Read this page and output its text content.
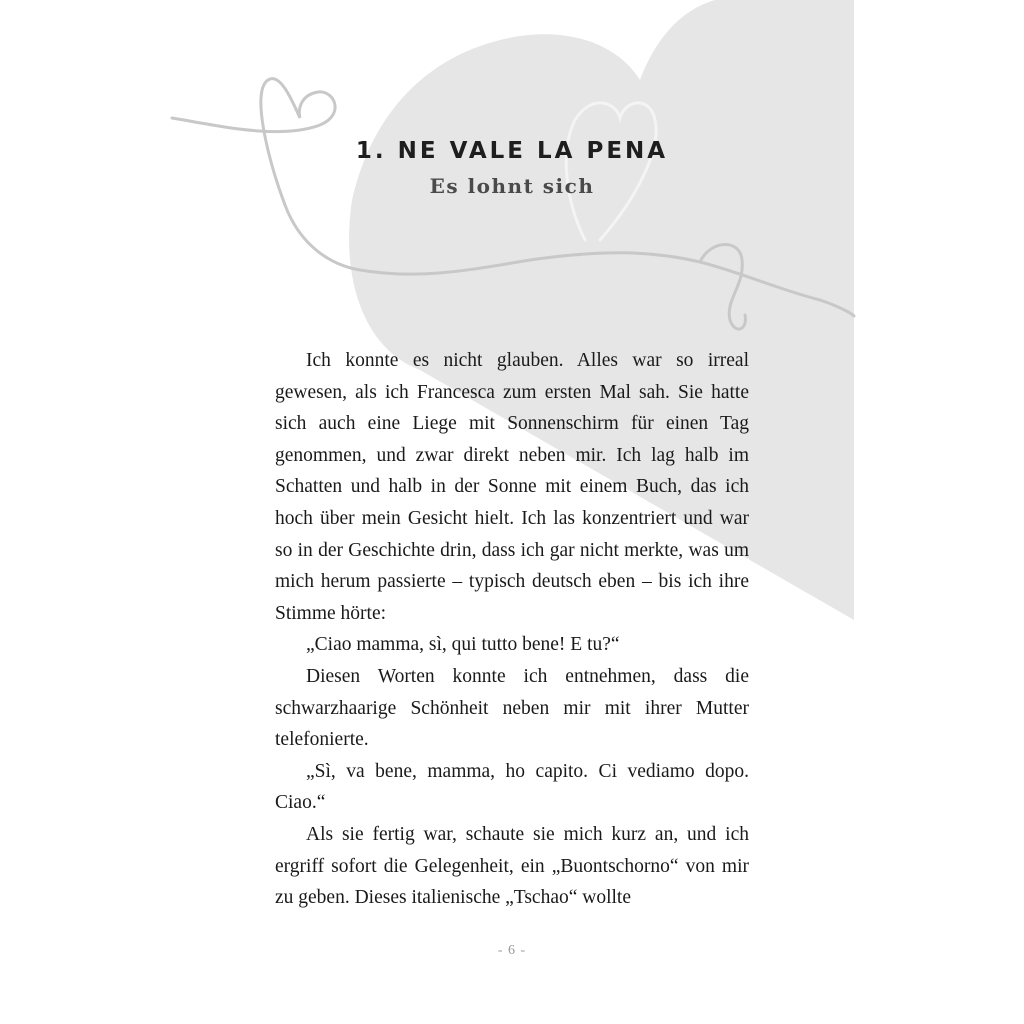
1. NE VALE LA PENA
Es lohnt sich

Ich konnte es nicht glauben. Alles war so irreal gewesen, als ich Francesca zum ersten Mal sah. Sie hatte sich auch eine Liege mit Sonnenschirm für einen Tag genommen, und zwar direkt neben mir. Ich lag halb im Schatten und halb in der Sonne mit einem Buch, das ich hoch über mein Gesicht hielt. Ich las konzentriert und war so in der Geschichte drin, dass ich gar nicht merkte, was um mich herum passierte – typisch deutsch eben – bis ich ihre Stimme hörte:

„Ciao mamma, sì, qui tutto bene! E tu?“

Diesen Worten konnte ich entnehmen, dass die schwarzhaarige Schönheit neben mir mit ihrer Mutter telefonierte.

„Sì, va bene, mamma, ho capito. Ci vediamo dopo. Ciao.“

Als sie fertig war, schaute sie mich kurz an, und ich ergriff sofort die Gelegenheit, ein „Buontschorno“ von mir zu geben. Dieses italienische „Tschao“ wollte

- 6 -
